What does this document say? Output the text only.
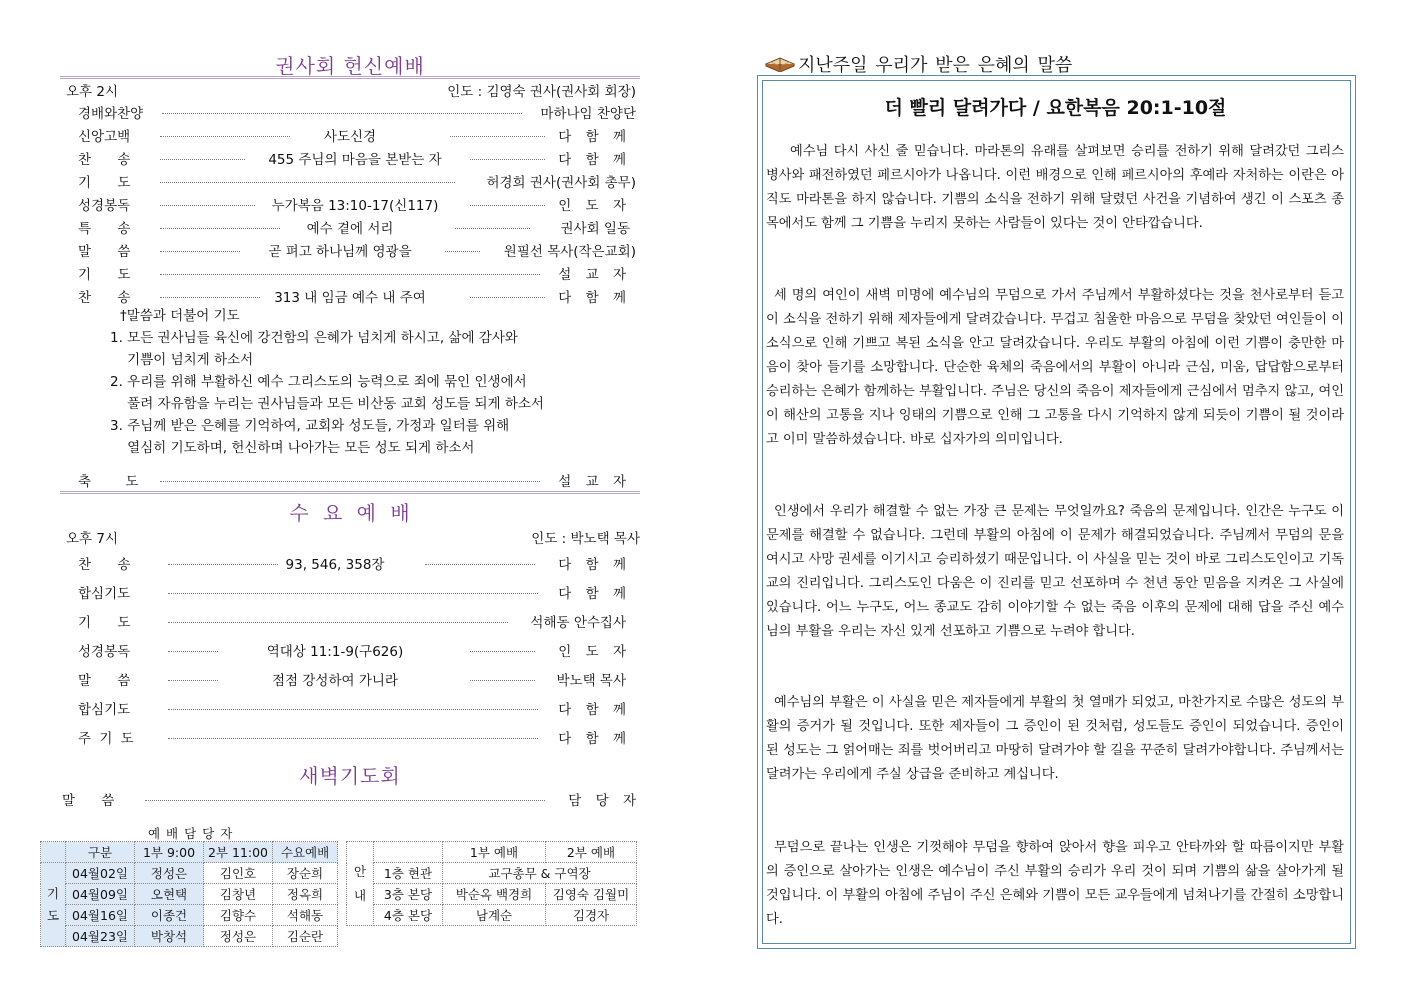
권사회 헌신예배
오후 2시	인도 : 김영숙 권사(권사회 회장)
경배와찬양	마하나임 찬양단
신앙고백	사도신경	다 함 께
찬 송	455 주님의 마음을 본받는 자	다 함 께
기 도	허경희 권사(권사회 총무)
성경봉독	누가복음 13:10-17(신117)	인 도 자
특 송	예수 곁에 서리	권사회 일동
말 씀	곧 펴고 하나님께 영광을	원필선 목사(작은교회)
기 도	설 교 자
찬 송	313 내 임금 예수 내 주여	다 함 께
†말씀과 더불어 기도
1. 모든 권사님들 육신에 강건함의 은혜가 넘치게 하시고, 삶에 감사와
기쁨이 넘치게 하소서
2. 우리를 위해 부활하신 예수 그리스도의 능력으로 죄에 묶인 인생에서
풀려 자유함을 누리는 권사님들과 모든 비산동 교회 성도들 되게 하소서
3. 주님께 받은 은혜를 기억하여, 교회와 성도들, 가정과 일터를 위해
열심히 기도하며, 헌신하며 나아가는 모든 성도 되게 하소서
축 도	설 교 자
수 요 예 배
오후 7시	인도 : 박노택 목사
찬 송	93, 546, 358장	다 함 께
합심기도	다 함 께
기 도	석해동 안수집사
성경봉독	역대상 11:1-9(구626)	인 도 자
말 씀	점점 강성하여 가니라	박노택 목사
합심기도	다 함 께
주 기 도	다 함 께
새벽기도회
말 씀	담 당 자
예 배 담 당 자
	구분	1부 9:00	2부 11:00	수요예배

기
도	04월02일	정성은	김인호	장순희
	04월09일	오현택	김창년	정옥희
	04월16일	이종건	김향수	석해동
	04월23일	박창석	정성은	김순란
안
내		1부 예배	2부 예배
	1층 현관	교구총무 & 구역장	
	3층 본당	박순옥 백경희	김영숙 김월미
	4층 본당	남계순	김경자
지난주일 우리가 받은 은혜의 말씀
더 빨리 달려가다 / 요한복음 20:1-10절
예수님 다시 사신 줄 믿습니다. 마라톤의 유래를 살펴보면 승리를 전하기 위해 달려갔던 그리스 병사와 패전하였던 페르시아가 나옵니다. 이런 배경으로 인해 페르시아의 후예라 자처하는 이란은 아직도 마라톤을 하지 않습니다. 기쁨의 소식을 전하기 위해 달렸던 사건을 기념하여 생긴 이 스포츠 종목에서도 함께 그 기쁨을 누리지 못하는 사람들이 있다는 것이 안타깝습니다.
세 명의 여인이 새벽 미명에 예수님의 무덤으로 가서 주님께서 부활하셨다는 것을 천사로부터 듣고 이 소식을 전하기 위해 제자들에게 달려갔습니다. 무겁고 침울한 마음으로 무덤을 찾았던 여인들이 이 소식으로 인해 기쁘고 복된 소식을 안고 달려갔습니다. 우리도 부활의 아침에 이런 기쁨이 충만한 마음이 찾아 들기를 소망합니다. 단순한 육체의 죽음에서의 부활이 아니라 근심, 미움, 답답함으로부터 승리하는 은혜가 함께하는 부활입니다. 주님은 당신의 죽음이 제자들에게 근심에서 멈추지 않고, 여인이 해산의 고통을 지나 잉태의 기쁨으로 인해 그 고통을 다시 기억하지 않게 되듯이 기쁨이 될 것이라고 이미 말씀하셨습니다. 바로 십자가의 의미입니다.
인생에서 우리가 해결할 수 없는 가장 큰 문제는 무엇일까요? 죽음의 문제입니다. 인간은 누구도 이 문제를 해결할 수 없습니다. 그런데 부활의 아침에 이 문제가 해결되었습니다. 주님께서 무덤의 문을 여시고 사망 권세를 이기시고 승리하셨기 때문입니다. 이 사실을 믿는 것이 바로 그리스도인이고 기독교의 진리입니다. 그리스도인 다움은 이 진리를 믿고 선포하며 수 천년 동안 믿음을 지켜온 그 사실에 있습니다. 어느 누구도, 어느 종교도 감히 이야기할 수 없는 죽음 이후의 문제에 대해 답을 주신 예수님의 부활을 우리는 자신 있게 선포하고 기쁨으로 누려야 합니다.
예수님의 부활은 이 사실을 믿은 제자들에게 부활의 첫 열매가 되었고, 마찬가지로 수많은 성도의 부활의 증거가 될 것입니다. 또한 제자들이 그 증인이 된 것처럼, 성도들도 증인이 되었습니다. 증인이 된 성도는 그 얽어매는 죄를 벗어버리고 마땅히 달려가야 할 길을 꾸준히 달려가야합니다. 주님께서는 달려가는 우리에게 주실 상급을 준비하고 계십니다.
무덤으로 끝나는 인생은 기껏해야 무덤을 향하여 앉아서 향을 피우고 안타까와 할 따름이지만 부활의 증인으로 살아가는 인생은 예수님이 주신 부활의 승리가 우리 것이 되며 기쁨의 삶을 살아가게 될 것입니다. 이 부활의 아침에 주님이 주신 은혜와 기쁨이 모든 교우들에게 넘쳐나기를 간절히 소망합니다.
